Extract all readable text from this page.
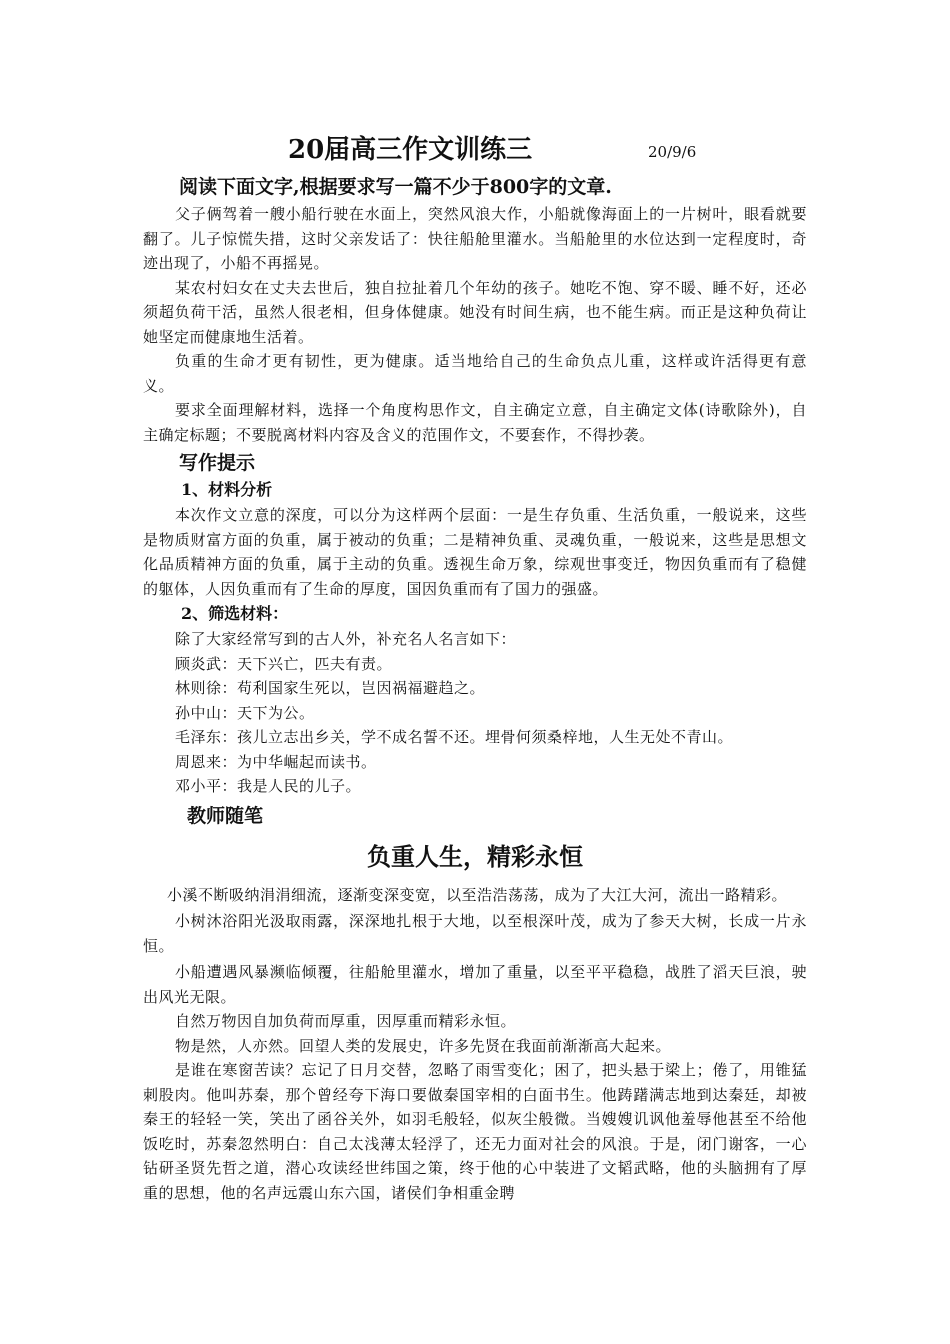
20届高三作文训练三	20/9/6
阅读下面文字,根据要求写一篇不少于800字的文章.

父子俩驾着一艘小船行驶在水面上，突然风浪大作，小船就像海面上的一片树叶，眼看就要翻了。儿子惊慌失措，这时父亲发话了：快往船舱里灌水。当船舱里的水位达到一定程度时，奇迹出现了，小船不再摇晃。

某农村妇女在丈夫去世后，独自拉扯着几个年幼的孩子。她吃不饱、穿不暖、睡不好，还必须超负荷干活，虽然人很老相，但身体健康。她没有时间生病，也不能生病。而正是这种负荷让她坚定而健康地生活着。

负重的生命才更有韧性，更为健康。适当地给自己的生命负点儿重，这样或许活得更有意义。

要求全面理解材料，选择一个角度构思作文，自主确定立意，自主确定文体(诗歌除外)，自主确定标题；不要脱离材料内容及含义的范围作文，不要套作，不得抄袭。

写作提示
1、材料分析

本次作文立意的深度，可以分为这样两个层面：一是生存负重、生活负重，一般说来，这些是物质财富方面的负重，属于被动的负重；二是精神负重、灵魂负重，一般说来，这些是思想文化品质精神方面的负重，属于主动的负重。透视生命万象，综观世事变迁，物因负重而有了稳健的躯体，人因负重而有了生命的厚度，国因负重而有了国力的强盛。

2、筛选材料：

除了大家经常写到的古人外，补充名人名言如下：

顾炎武：天下兴亡，匹夫有责。

林则徐：苟利国家生死以，岂因祸福避趋之。

孙中山：天下为公。

毛泽东：孩儿立志出乡关，学不成名誓不还。埋骨何须桑梓地，人生无处不青山。

周恩来：为中华崛起而读书。

邓小平：我是人民的儿子。

教师随笔
负重人生，精彩永恒

小溪不断吸纳涓涓细流，逐渐变深变宽，以至浩浩荡荡，成为了大江大河，流出一路精彩。

小树沐浴阳光汲取雨露，深深地扎根于大地，以至根深叶茂，成为了参天大树，长成一片永恒。

小船遭遇风暴濒临倾覆，往船舱里灌水，增加了重量，以至平平稳稳，战胜了滔天巨浪，驶出风光无限。

自然万物因自加负荷而厚重，因厚重而精彩永恒。

物是然，人亦然。回望人类的发展史，许多先贤在我面前渐渐高大起来。

是谁在寒窗苦读？忘记了日月交替，忽略了雨雪变化；困了，把头悬于梁上；倦了，用锥猛刺股肉。他叫苏秦，那个曾经夸下海口要做秦国宰相的白面书生。他踌躇满志地到达秦廷，却被秦王的轻轻一笑，笑出了函谷关外，如羽毛般轻，似灰尘般微。当嫂嫂讥讽他羞辱他甚至不给他饭吃时，苏秦忽然明白：自己太浅薄太轻浮了，还无力面对社会的风浪。于是，闭门谢客，一心钻研圣贤先哲之道，潜心攻读经世纬国之策，终于他的心中装进了文韬武略，他的头脑拥有了厚重的思想，他的名声远震山东六国，诸侯们争相重金聘
